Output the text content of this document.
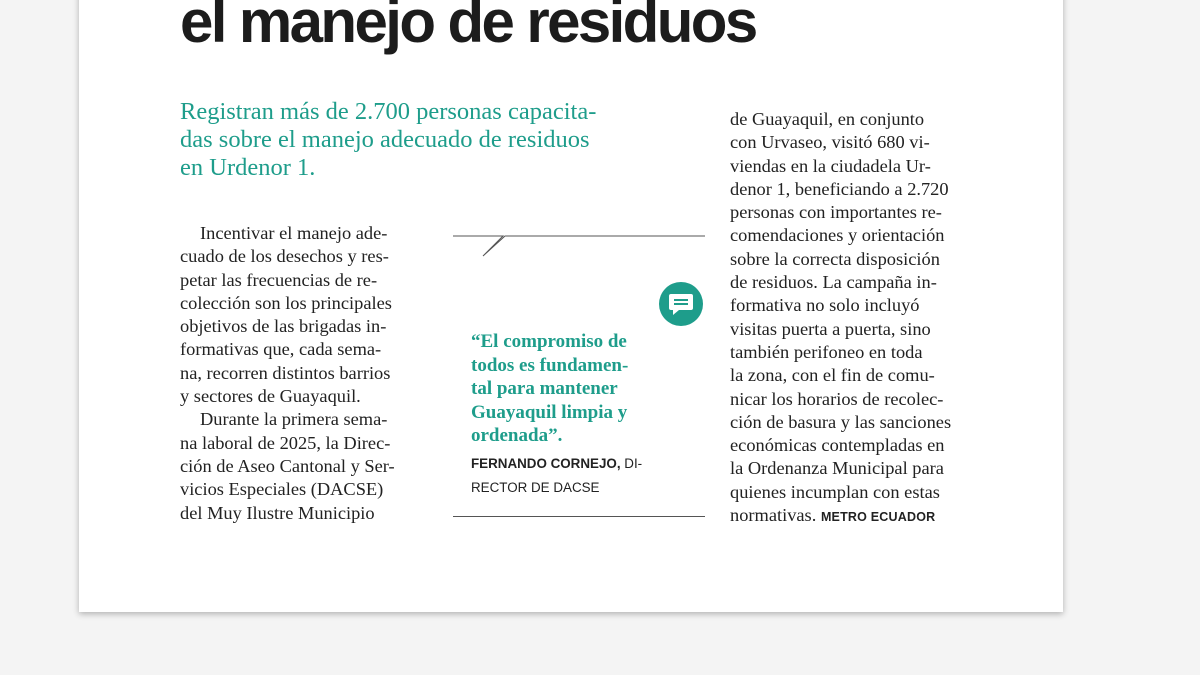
el manejo de residuos
Registran más de 2.700 personas capacita-
das sobre el manejo adecuado de residuos
en Urdenor 1.
Incentivar el manejo ade-
cuado de los desechos y res-
petar las frecuencias de re-
colección son los principales
objetivos de las brigadas in-
formativas que, cada sema-
na, recorren distintos barrios
y sectores de Guayaquil.
Durante la primera sema-
na laboral de 2025, la Direc-
ción de Aseo Cantonal y Ser-
vicios Especiales (DACSE)
del Muy Ilustre Municipio
“El compromiso de
todos es fundamen-
tal para mantener
Guayaquil limpia y
ordenada”.
FERNANDO CORNEJO, DI-
RECTOR DE DACSE
de Guayaquil, en conjunto
con Urvaseo, visitó 680 vi-
viendas en la ciudadela Ur-
denor 1, beneficiando a 2.720
personas con importantes re-
comendaciones y orientación
sobre la correcta disposición
de residuos. La campaña in-
formativa no solo incluyó
visitas puerta a puerta, sino
también perifoneo en toda
la zona, con el fin de comu-
nicar los horarios de recolec-
ción de basura y las sanciones
económicas contempladas en
la Ordenanza Municipal para
quienes incumplan con estas
normativas. METRO ECUADOR
